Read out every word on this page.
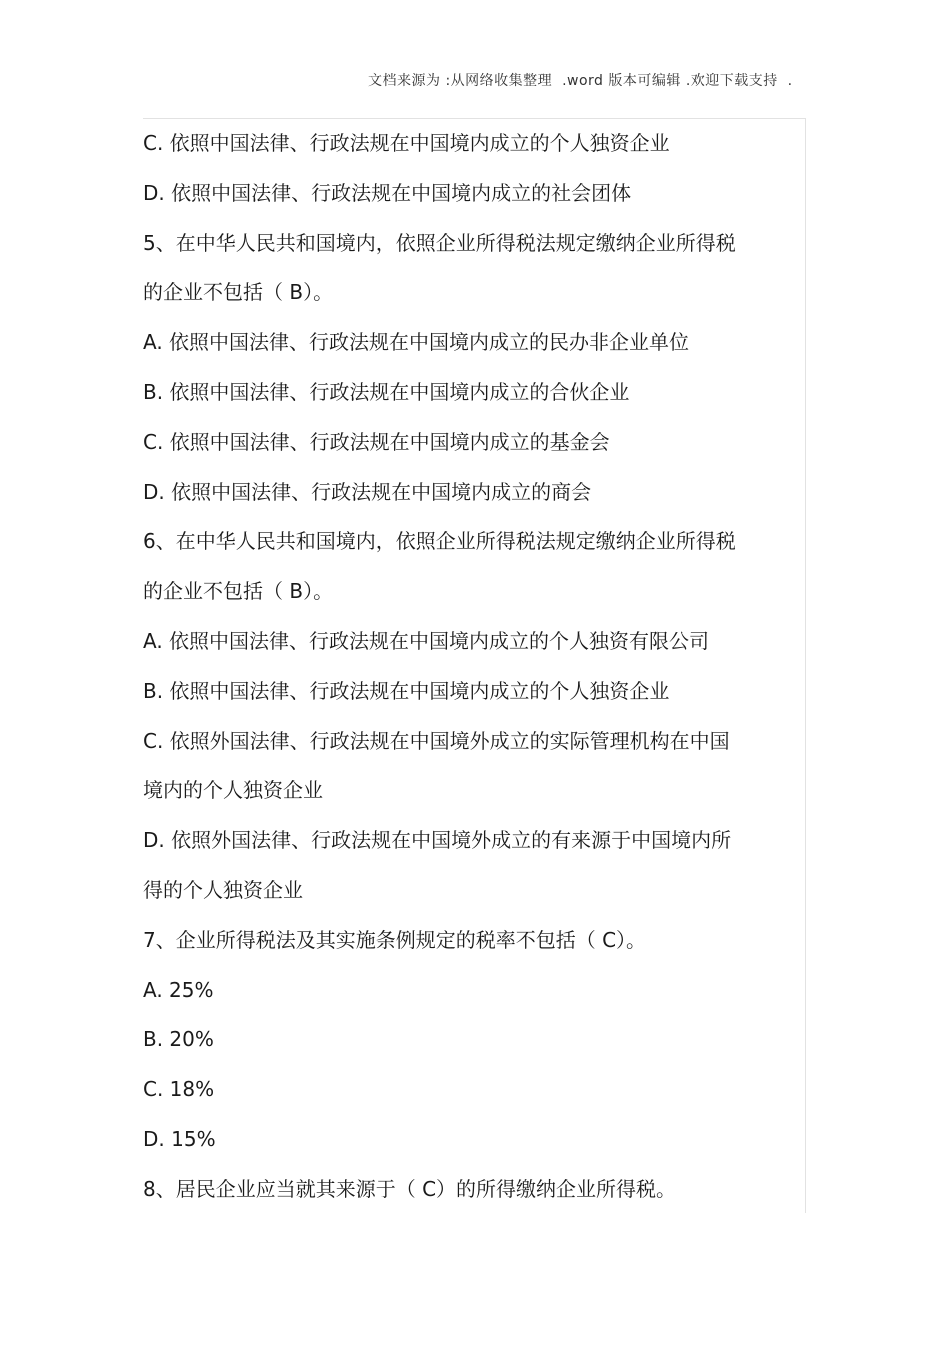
文档来源为 :从网络收集整理  .word 版本可编辑 .欢迎下载支持  .
C. 依照中国法律、行政法规在中国境内成立的个人独资企业
D. 依照中国法律、行政法规在中国境内成立的社会团体
5、在中华人民共和国境内，依照企业所得税法规定缴纳企业所得税
的企业不包括（ B）。
A. 依照中国法律、行政法规在中国境内成立的民办非企业单位
B. 依照中国法律、行政法规在中国境内成立的合伙企业
C. 依照中国法律、行政法规在中国境内成立的基金会
D. 依照中国法律、行政法规在中国境内成立的商会
6、在中华人民共和国境内，依照企业所得税法规定缴纳企业所得税
的企业不包括（ B）。
A. 依照中国法律、行政法规在中国境内成立的个人独资有限公司
B. 依照中国法律、行政法规在中国境内成立的个人独资企业
C. 依照外国法律、行政法规在中国境外成立的实际管理机构在中国
境内的个人独资企业
D. 依照外国法律、行政法规在中国境外成立的有来源于中国境内所
得的个人独资企业
7、企业所得税法及其实施条例规定的税率不包括（ C）。
A. 25%
B. 20%
C. 18%
D. 15%
8、居民企业应当就其来源于（ C）的所得缴纳企业所得税。
